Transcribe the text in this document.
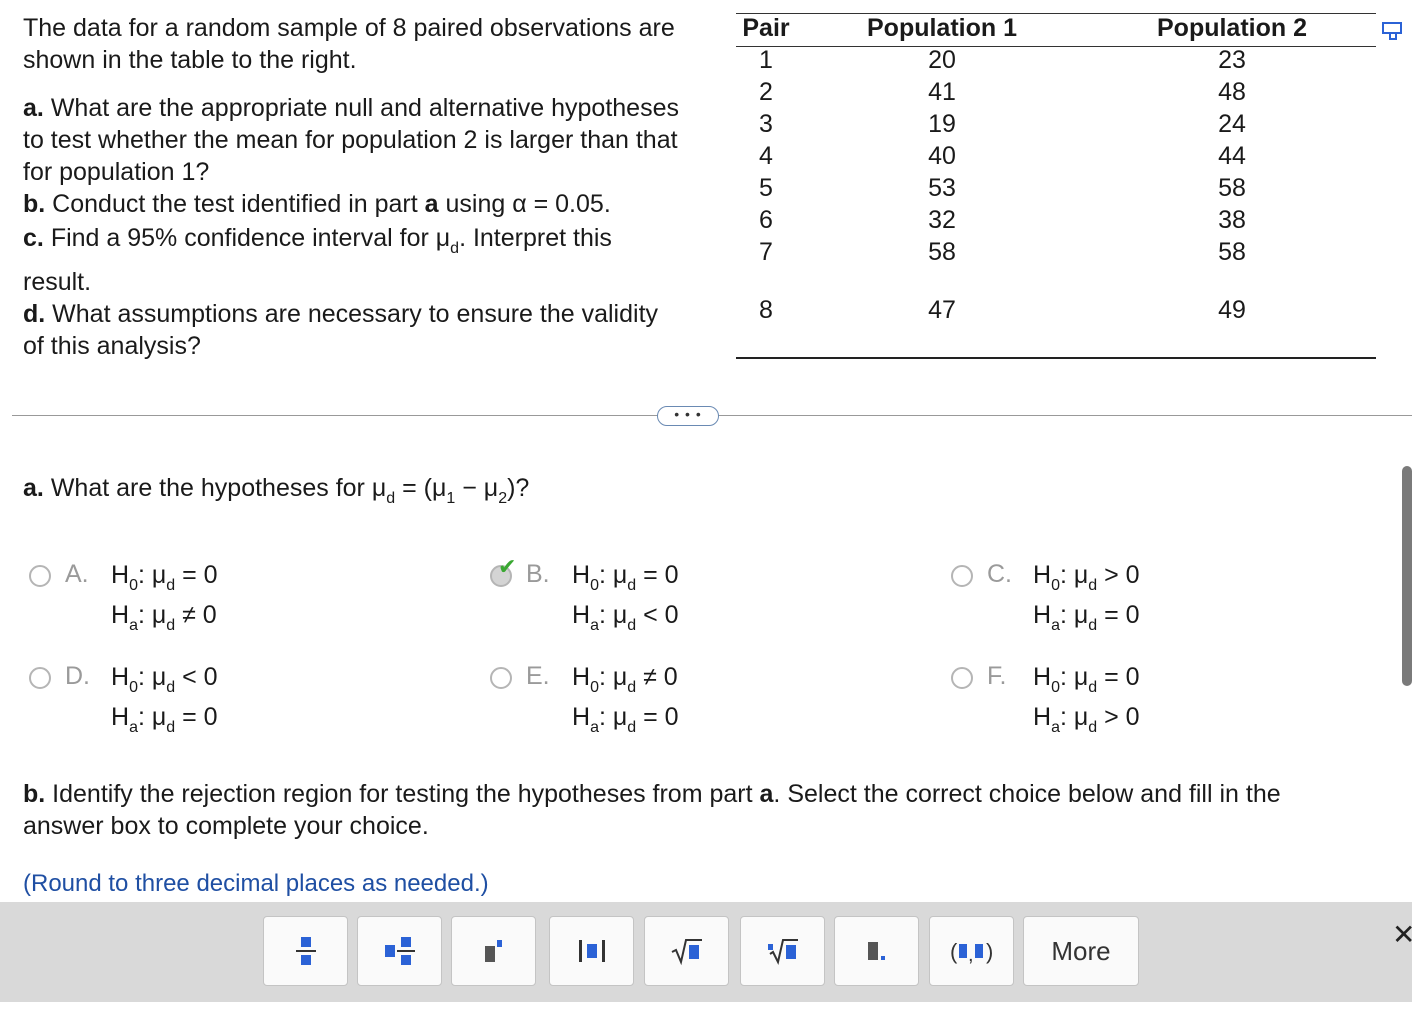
The data for a random sample of 8 paired observations are
shown in the table to the right.
a. What are the appropriate null and alternative hypotheses
to test whether the mean for population 2 is larger than that
for population 1?
b. Conduct the test identified in part a using α = 0.05.
c. Find a 95% confidence interval for $\mu_d$. Interpret this
result.
d. What assumptions are necessary to ensure the validity
of this analysis?
Pair	Population 1	Population 2
1	20	23
2	41	48
3	19	24
4	40	44
5	53	58
6	32	38
7	58	58
8	47	49
• • •
a. What are the hypotheses for $\mu_d = (\mu_1 - \mu_2)$?
A. $H_0$: $\mu_d = 0$
$H_a$: $\mu_d \ne 0$
✔ B. $H_0$: $\mu_d = 0$
$H_a$: $\mu_d < 0$
C. $H_0$: $\mu_d > 0$
$H_a$: $\mu_d = 0$
D. $H_0$: $\mu_d < 0$
$H_a$: $\mu_d = 0$
E. $H_0$: $\mu_d \ne 0$
$H_a$: $\mu_d = 0$
F. $H_0$: $\mu_d = 0$
$H_a$: $\mu_d > 0$
b. Identify the rejection region for testing the hypotheses from part a. Select the correct choice below and fill in the
answer box to complete your choice.
(Round to three decimal places as needed.)
( , )	More
✕
